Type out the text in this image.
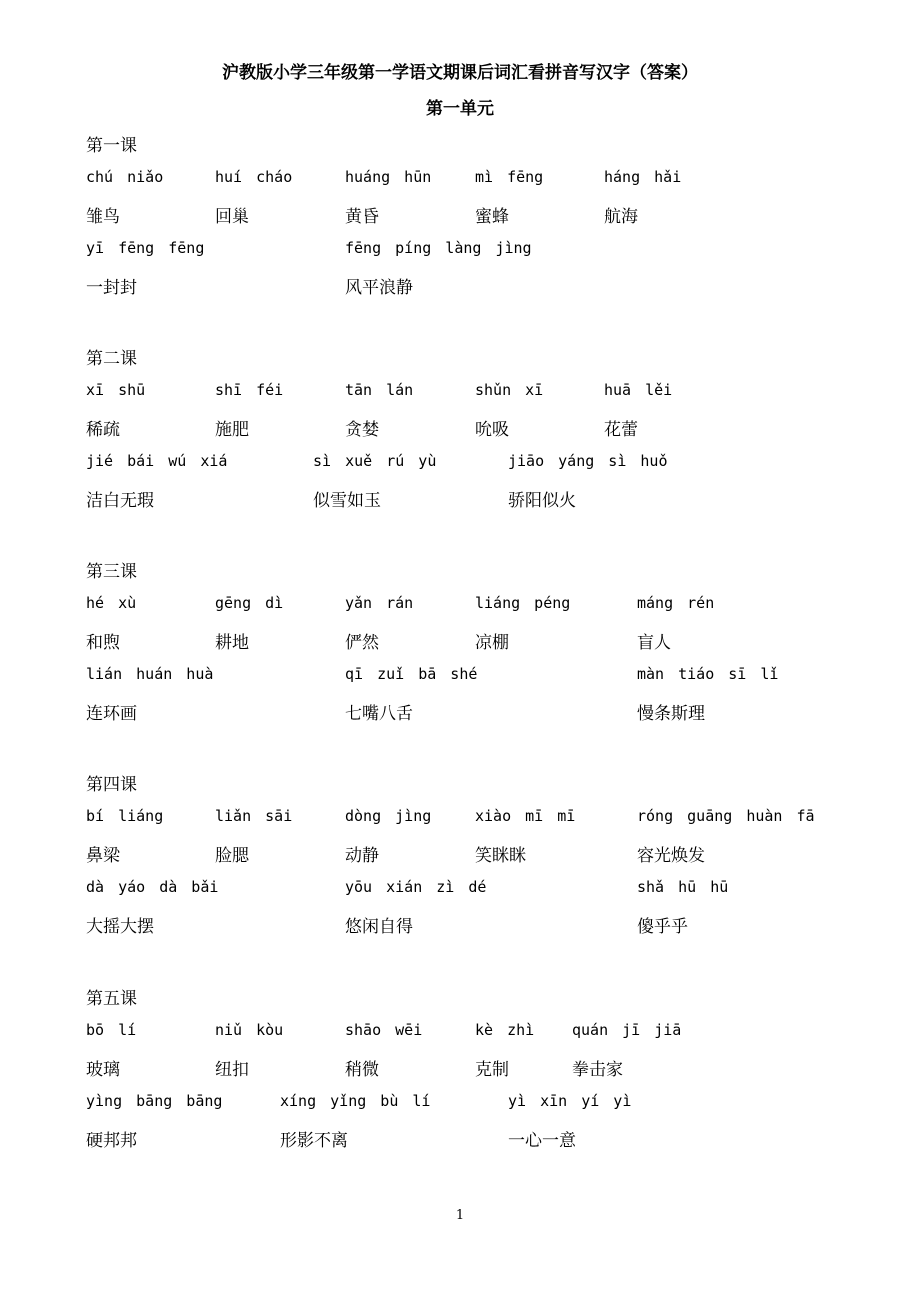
沪教版小学三年级第一学语文期课后词汇看拼音写汉字（答案）
第一单元
第一课
chú niǎo	huí cháo	huáng hūn	mì fēng	háng hǎi
雏鸟	回巢	黄昏	蜜蜂	航海
yī fēng fēng	fēng píng làng jìng
一封封	风平浪静
第二课
xī shū	shī féi	tān lán	shǔn xī	huā lěi
稀疏	施肥	贪婪	吮吸	花蕾
jié bái wú xiá	sì xuě rú yù	jiāo yáng sì huǒ
洁白无瑕	似雪如玉	骄阳似火
第三课
hé xù	gēng dì	yǎn rán	liáng péng	máng rén
和煦	耕地	俨然	凉棚	盲人
lián huán huà	qī zuǐ bā shé	màn tiáo sī lǐ
连环画	七嘴八舌	慢条斯理
第四课
bí liáng	liǎn sāi	dòng jìng	xiào mī mī	róng guāng huàn fā
鼻梁	脸腮	动静	笑眯眯	容光焕发
dà yáo dà bǎi	yōu xián zì dé	shǎ hū hū
大摇大摆	悠闲自得	傻乎乎
第五课
bō lí	niǔ kòu	shāo wēi	kè zhì	quán jī jiā
玻璃	纽扣	稍微	克制	拳击家
yìng bāng bāng	xíng yǐng bù lí	yì xīn yí yì
硬邦邦	形影不离	一心一意
1
